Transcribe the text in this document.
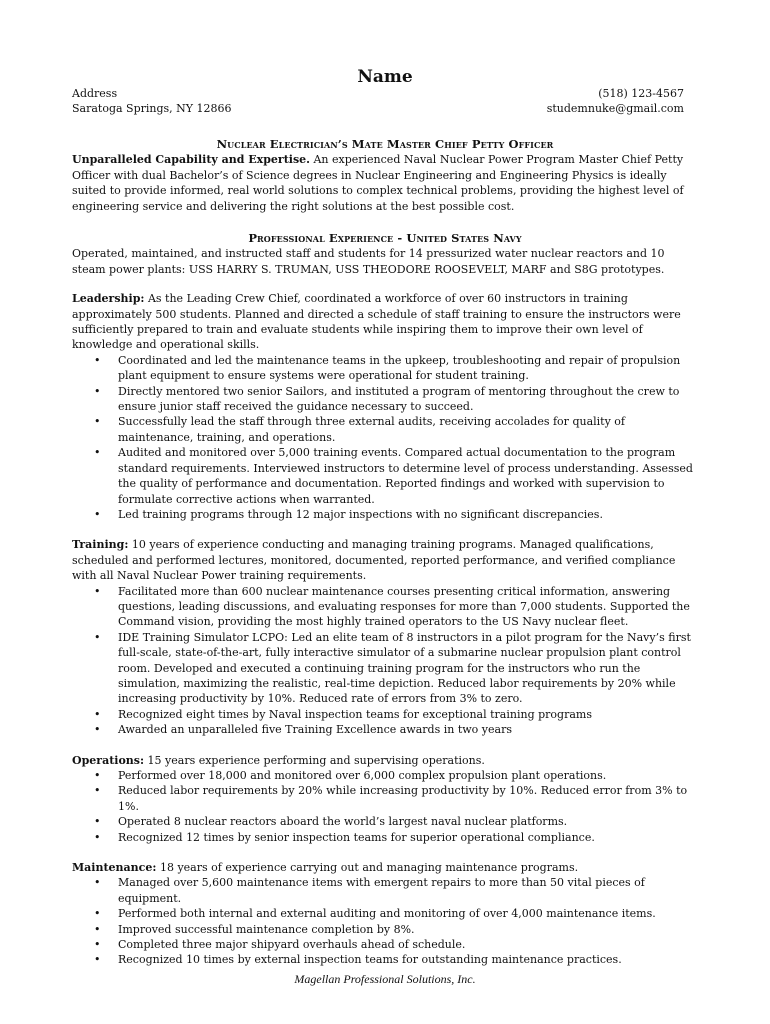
Name
Address	(518) 123-4567
Saratoga Springs, NY 12866	studemnuke@gmail.com
Nuclear Electrician’s Mate Master Chief Petty Officer

Unparalleled Capability and Expertise. An experienced Naval Nuclear Power Program Master Chief Petty Officer with dual Bachelor’s of Science degrees in Nuclear Engineering and Engineering Physics is ideally suited to provide informed, real world solutions to complex technical problems, providing the highest level of engineering service and delivering the right solutions at the best possible cost.

Professional Experience - United States Navy

Operated, maintained, and instructed staff and students for 14 pressurized water nuclear reactors and 10 steam power plants: USS HARRY S. TRUMAN, USS THEODORE ROOSEVELT, MARF and S8G prototypes.

Leadership: As the Leading Crew Chief, coordinated a workforce of over 60 instructors in training approximately 500 students. Planned and directed a schedule of staff training to ensure the instructors were sufficiently prepared to train and evaluate students while inspiring them to improve their own level of knowledge and operational skills.

• Coordinated and led the maintenance teams in the upkeep, troubleshooting and repair of propulsion plant equipment to ensure systems were operational for student training.
• Directly mentored two senior Sailors, and instituted a program of mentoring throughout the crew to ensure junior staff received the guidance necessary to succeed.
• Successfully lead the staff through three external audits, receiving accolades for quality of maintenance, training, and operations.
• Audited and monitored over 5,000 training events. Compared actual documentation to the program standard requirements. Interviewed instructors to determine level of process understanding. Assessed the quality of performance and documentation. Reported findings and worked with supervision to formulate corrective actions when warranted.
• Led training programs through 12 major inspections with no significant discrepancies.

Training: 10 years of experience conducting and managing training programs. Managed qualifications, scheduled and performed lectures, monitored, documented, reported performance, and verified compliance with all Naval Nuclear Power training requirements.

• Facilitated more than 600 nuclear maintenance courses presenting critical information, answering questions, leading discussions, and evaluating responses for more than 7,000 students. Supported the Command vision, providing the most highly trained operators to the US Navy nuclear fleet.
• IDE Training Simulator LCPO: Led an elite team of 8 instructors in a pilot program for the Navy’s first full-scale, state-of-the-art, fully interactive simulator of a submarine nuclear propulsion plant control room. Developed and executed a continuing training program for the instructors who run the simulation, maximizing the realistic, real-time depiction. Reduced labor requirements by 20% while increasing productivity by 10%. Reduced rate of errors from 3% to zero.
• Recognized eight times by Naval inspection teams for exceptional training programs
• Awarded an unparalleled five Training Excellence awards in two years

Operations: 15 years experience performing and supervising operations.

• Performed over 18,000 and monitored over 6,000 complex propulsion plant operations.
• Reduced labor requirements by 20% while increasing productivity by 10%. Reduced error from 3% to 1%.
• Operated 8 nuclear reactors aboard the world’s largest naval nuclear platforms.
• Recognized 12 times by senior inspection teams for superior operational compliance.

Maintenance: 18 years of experience carrying out and managing maintenance programs.

• Managed over 5,600 maintenance items with emergent repairs to more than 50 vital pieces of equipment.
• Performed both internal and external auditing and monitoring of over 4,000 maintenance items.
• Improved successful maintenance completion by 8%.
• Completed three major shipyard overhauls ahead of schedule.
• Recognized 10 times by external inspection teams for outstanding maintenance practices.
Magellan Professional Solutions, Inc.
